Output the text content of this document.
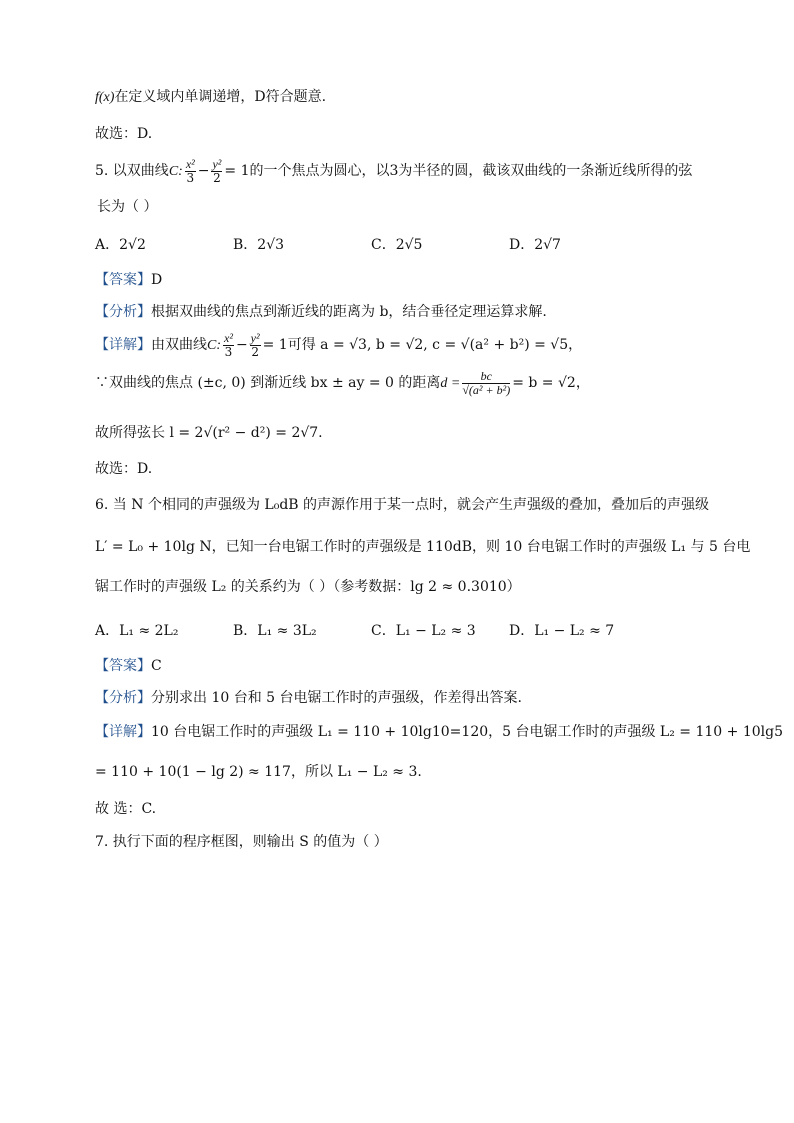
f(x)在定义域内单调递增，D符合题意.
故选：D.
5. 以双曲线C: $\frac{\text{x²}}{3} - \frac{\text{y²}}{2} = 1$的一个焦点为圆心，以3为半径的圆，截该双曲线的一条渐近线所得的弦
长为（ ）
A．2√2	B．2√3	C．2√5	D．2√7
【答案】D
【分析】根据双曲线的焦点到渐近线的距离为 b，结合垂径定理运算求解.
【详解】由双曲线C: $\frac{\text{x²}}{3} - \frac{\text{y²}}{2} = 1$可得 a = √3, b = √2, c = √(a² + b²) = √5，
∵双曲线的焦点 (±c, 0) 到渐近线 bx ± ay = 0 的距离$d = \frac{bc}{\text{√(a² + b²)}} = b = √2$，
故所得弦长 l = 2√(r² − d²) = 2√7.
故选：D.
6. 当 N 个相同的声强级为 L₀dB 的声源作用于某一点时，就会产生声强级的叠加，叠加后的声强级
L′ = L₀ + 10lg N，已知一台电锯工作时的声强级是 110dB，则 10 台电锯工作时的声强级 L₁ 与 5 台电
锯工作时的声强级 L₂ 的关系约为（ ）（参考数据：lg 2 ≈ 0.3010）
A．L₁ ≈ 2L₂	B．L₁ ≈ 3L₂	C．L₁ − L₂ ≈ 3 D．L₁ − L₂ ≈ 7
【答案】C
【分析】分别求出 10 台和 5 台电锯工作时的声强级，作差得出答案.
【详解】10 台电锯工作时的声强级 L₁ = 110 + 10lg10=120，5 台电锯工作时的声强级 L₂ = 110 + 10lg5
= 110 + 10(1 − lg 2) ≈ 117，所以 L₁ − L₂ ≈ 3.
故 选：C.
7. 执行下面的程序框图，则输出 S 的值为（ ）
